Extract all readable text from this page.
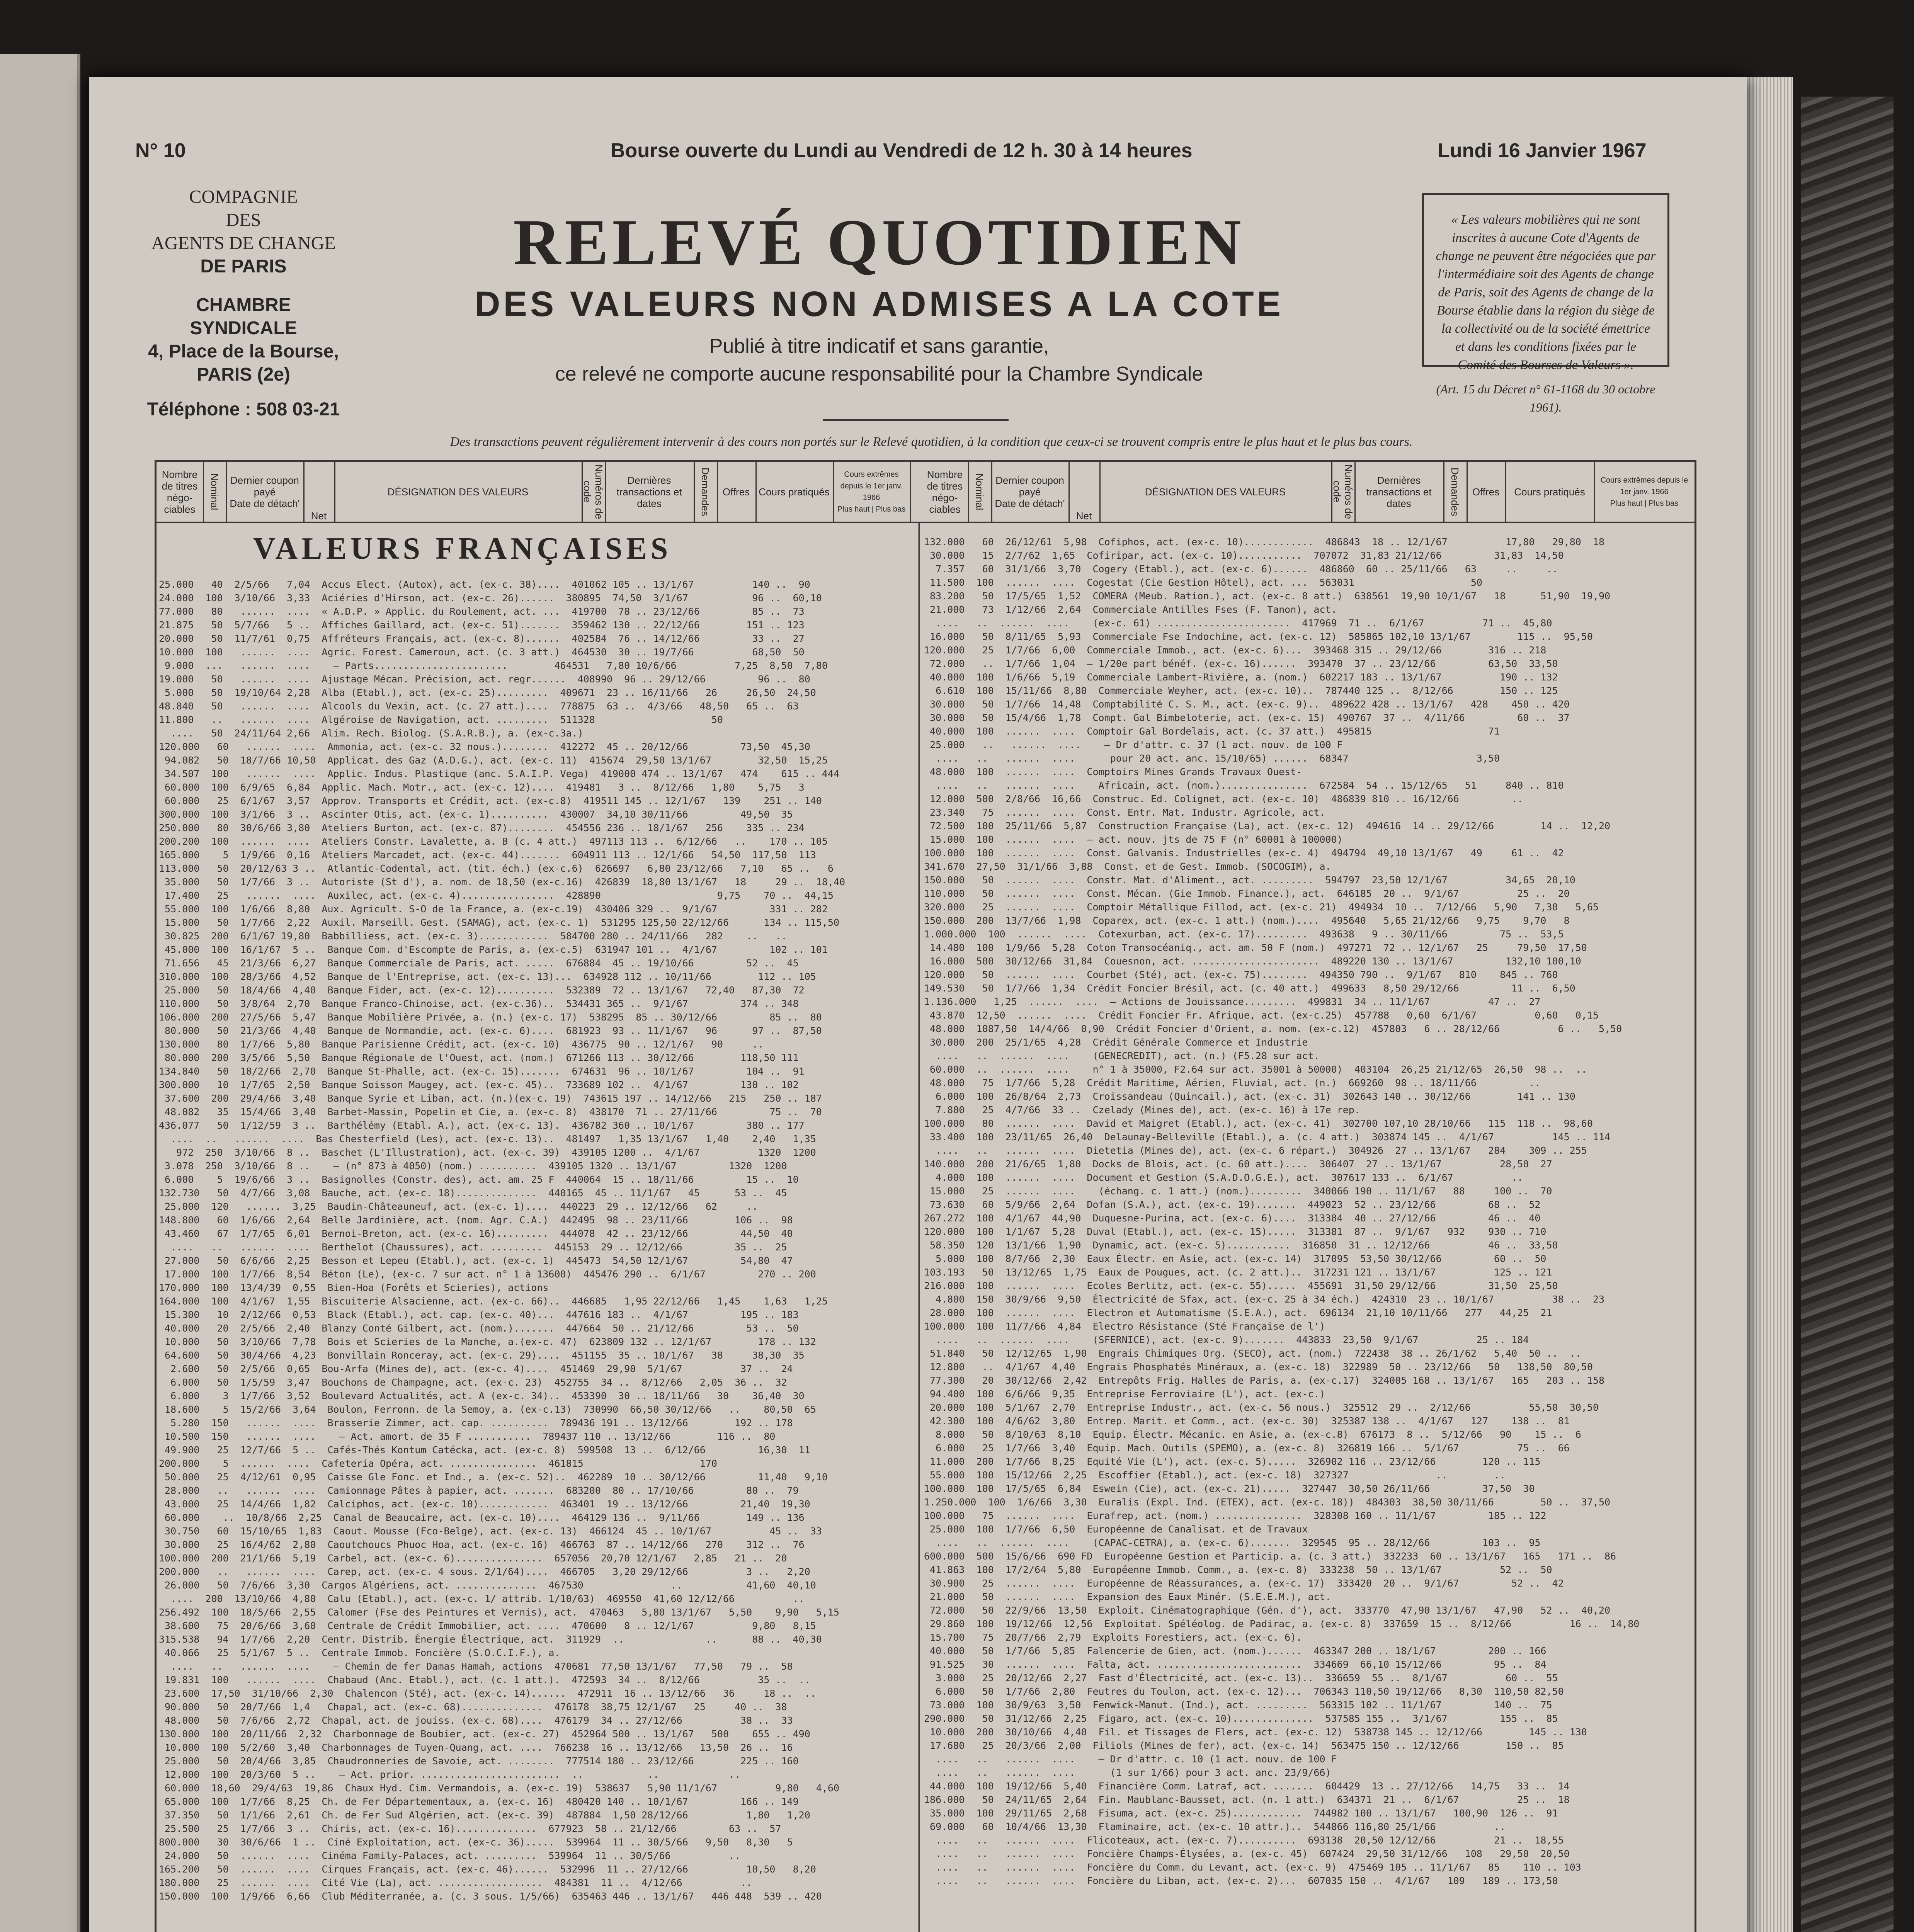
N° 10	Bourse ouverte du Lundi au Vendredi de 12 h. 30 à 14 heures	Lundi 16 Janvier 1967
COMPAGNIE
DES
AGENTS DE CHANGE
DE PARIS
CHAMBRE SYNDICALE
4, Place de la Bourse, PARIS (2e)
Téléphone : 508 03-21
RELEVÉ QUOTIDIEN
DES VALEURS NON ADMISES A LA COTE

Publié à titre indicatif et sans garantie,

ce relevé ne comporte aucune responsabilité pour la Chambre Syndicale

« Les valeurs mobilières qui ne sont inscrites à aucune Cote d'Agents de change ne peuvent être négociées que par l'intermédiaire soit des Agents de change de Paris, soit des Agents de change de la Bourse établie dans la région du siège de la collectivité ou de la société émettrice et dans les conditions fixées par le Comité des Bourses de Valeurs ».
(Art. 15 du Décret n° 61-1168 du 30 octobre 1961).
Des transactions peuvent régulièrement intervenir à des cours non portés sur le Relevé quotidien, à la condition que ceux-ci se trouvent compris entre le plus haut et le plus bas cours.
Nombre de titres négo- ciables	Nominal	Dernier coupon payé
Date de détach'
Net
DÉSIGNATION DES VALEURS	Numéros de code
Dernières transactions et dates	Demandes	Offres Cours pratiqués
Cours extrêmes depuis le 1er janv. 1966
Plus haut | Plus bas
Nombre de titres négo- ciables	Nominal	Dernier coupon payé
Date de détach'
Net
DÉSIGNATION DES VALEURS	Numéros de code
Dernières transactions et dates	Demandes	Offres	Cours pratiqués
Cours extrêmes depuis le 1er janv. 1966
Plus haut | Plus bas
VALEURS FRANÇAISES
25.000   40  2/5/66   7,04  Accus Elect. (Autox), act. (ex-c. 38)....  401062 105 .. 13/1/67          140 ..  90
24.000  100  3/10/66  3,33  Aciéries d'Hirson, act. (ex-c. 26)......  380895  74,50  3/1/67           96 ..  60,10
77.000   80   ......  ....  « A.D.P. » Applic. du Roulement, act. ...  419700  78 .. 23/12/66         85 ..  73
21.875   50  5/7/66   5 ..  Affiches Gaillard, act. (ex-c. 51).......  359462 130 .. 22/12/66        151 .. 123
20.000   50  11/7/61  0,75  Affréteurs Français, act. (ex-c. 8)......  402584  76 .. 14/12/66         33 ..  27
10.000  100   ......  ....  Agric. Forest. Cameroun, act. (c. 3 att.)  464530  30 .. 19/7/66          68,50  50
9.000  ...   ......  ....    — Parts.......................        464531   7,80 10/6/66          7,25  8,50  7,80
19.000   50   ......  ....  Ajustage Mécan. Précision, act. regr......  408990  96 .. 29/12/66         96 ..  80
5.000   50  19/10/64 2,28  Alba (Etabl.), act. (ex-c. 25).........  409671  23 .. 16/11/66   26     26,50  24,50
48.840   50   ......  ....  Alcools du Vexin, act. (c. 27 att.)....  778875  63 ..  4/3/66   48,50   65 ..  63
11.800   ..   ......  ....  Algéroise de Navigation, act. .........  511328                    50
....   50  24/11/64 2,66  Alim. Rech. Biolog. (S.A.R.B.), a. (ex-c.3a.)
120.000   60   ......  ....  Ammonia, act. (ex-c. 32 nous.)........  412272  45 .. 20/12/66         73,50  45,30
94.082   50  18/7/66 10,50  Applicat. des Gaz (A.D.G.), act. (ex-c. 11)  415674  29,50 13/1/67        32,50  15,25
34.507  100   ......  ....  Applic. Indus. Plastique (anc. S.A.I.P. Vega)  419000 474 .. 13/1/67   474    615 .. 444
60.000  100  6/9/65  6,84  Applic. Mach. Motr., act. (ex-c. 12)....  419481   3 ..  8/12/66   1,80    5,75   3
60.000   25  6/1/67  3,57  Approv. Transports et Crédit, act. (ex-c.8)  419511 145 .. 12/1/67   139    251 .. 140
300.000  100  3/1/66  3 ..  Ascinter Otis, act. (ex-c. 1)..........  430007  34,10 30/11/66         49,50  35
250.000   80  30/6/66 3,80  Ateliers Burton, act. (ex-c. 87)........  454556 236 .. 18/1/67   256    335 .. 234
200.200  100  ......  ....  Ateliers Constr. Lavalette, a. B (c. 4 att.)  497113 113 ..  6/12/66   ..    170 .. 105
165.000    5  1/9/66  0,16  Ateliers Marcadet, act. (ex-c. 44).......  604911 113 .. 12/1/66   54,50  117,50  113
113.000   50  20/12/63 3 ..  Atlantic-Codental, act. (tit. éch.) (ex-c.6)  626697   6,80 23/12/66   7,10   65 ..   6
35.000   50  1/7/66  3 ..  Autoriste (St d'), a. nom. de 18,50 (ex-c.16)  426839  18,80 13/1/67   18     29 ..  18,40
17.400   25   ......  ....  Auxilec, act. (ex-c. 4)................  428890                    9,75    70 ..  44,15
55.000  100  1/6/66  8,80  Aux. Agricult. S-O de la France, a. (ex-c.19)  430406 329 ..  9/1/67         331 .. 282
15.000   50  1/7/66  2,22  Auxil. Marseill. Gest. (SAMAG), act. (ex-c. 1)  531295 125,50 22/12/66      134 .. 115,50
30.825  200  6/1/67 19,80  Babbilliess, act. (ex-c. 3)............  584700 280 .. 24/11/66   282    ..   ..
45.000  100  16/1/67  5 ..  Banque Com. d'Escompte de Paris, a. (ex-c.5)  631947 101 ..  4/1/67         102 .. 101
71.656   45  21/3/66  6,27  Banque Commerciale de Paris, act. .....  676884  45 .. 19/10/66         52 ..  45
310.000  100  28/3/66  4,52  Banque de l'Entreprise, act. (ex-c. 13)...  634928 112 .. 10/11/66        112 .. 105
25.000   50  18/4/66  4,40  Banque Fider, act. (ex-c. 12)..........  532389  72 .. 13/1/67   72,40   87,30  72
110.000   50  3/8/64  2,70  Banque Franco-Chinoise, act. (ex-c.36)..  534431 365 ..  9/1/67         374 .. 348
106.000  200  27/5/66  5,47  Banque Mobilière Privée, a. (n.) (ex-c. 17)  538295  85 .. 30/12/66         85 ..  80
80.000   50  21/3/66  4,40  Banque de Normandie, act. (ex-c. 6)....  681923  93 .. 11/1/67   96      97 ..  87,50
130.000   80  1/7/66  5,80  Banque Parisienne Crédit, act. (ex-c. 10)  436775  90 .. 12/1/67   90     ..
80.000  200  3/5/66  5,50  Banque Régionale de l'Ouest, act. (nom.)  671266 113 .. 30/12/66        118,50 111
134.840   50  18/2/66  2,70  Banque St-Phalle, act. (ex-c. 15).......  674631  96 .. 10/1/67         104 ..  91
300.000   10  1/7/65  2,50  Banque Soisson Maugey, act. (ex-c. 45)..  733689 102 ..  4/1/67         130 .. 102
37.600  200  29/4/66  3,40  Banque Syrie et Liban, act. (n.)(ex-c. 19)  743615 197 .. 14/12/66   215   250 .. 187
48.082   35  15/4/66  3,40  Barbet-Massin, Popelin et Cie, a. (ex-c. 8)  438170  71 .. 27/11/66         75 ..  70
436.077   50  1/12/59  3 ..  Barthélémy (Etabl. A.), act. (ex-c. 13).  436782 360 .. 10/1/67         380 .. 177
....  ..   ......  ....  Bas Chesterfield (Les), act. (ex-c. 13)..  481497   1,35 13/1/67   1,40    2,40   1,35
972  250  3/10/66  8 ..  Baschet (L'Illustration), act. (ex-c. 39)  439105 1200 ..  4/1/67          1320  1200
3.078  250  3/10/66  8 ..    — (n° 873 à 4050) (nom.) ..........  439105 1320 .. 13/1/67         1320  1200
6.000    5  19/6/66  3 ..  Basignolles (Constr. des), act. am. 25 F  440064  15 .. 18/11/66         15 ..  10
132.730   50  4/7/66  3,08  Bauche, act. (ex-c. 18)..............  440165  45 .. 11/1/67   45      53 ..  45
25.000  120   ......  3,25  Baudin-Châteauneuf, act. (ex-c. 1)....  440223  29 .. 12/12/66   62     ..
148.800   60  1/6/66  2,64  Belle Jardinière, act. (nom. Agr. C.A.)  442495  98 .. 23/11/66        106 ..  98
43.460   67  1/7/65  6,01  Bernoi-Breton, act. (ex-c. 16).........  444078  42 .. 23/12/66         44,50  40
....   ..   ......  ....  Berthelot (Chaussures), act. .........  445153  29 .. 12/12/66         35 ..  25
27.000   50  6/6/66  2,25  Besson et Lepeu (Etabl.), act. (ex-c. 1)  445473  54,50 12/1/67         54,80  47
17.000  100  1/7/66  8,54  Béton (Le), (ex-c. 7 sur act. n° 1 à 13600)  445476 290 ..  6/1/67         270 .. 200
170.000  100  13/4/39  0,55  Bien-Hoa (Forêts et Scieries), actions
164.000  100  4/1/67  1,55  Biscuiterie Alsacienne, act. (ex-c. 66)..  446685   1,95 22/12/66   1,45    1,63   1,25
15.300   10  2/12/66  0,53  Black (Etabl.), act. cap. (ex-c. 40)...  447616 183 ..  4/1/67         195 .. 183
40.000   20  2/5/66  2,40  Blanzy Conté Gilbert, act. (nom.).......  447664  50 .. 21/12/66         53 ..  50
10.000   50  3/10/66  7,78  Bois et Scieries de la Manche, a.(ex-c. 47)  623809 132 .. 12/1/67        178 .. 132
64.600   50  30/4/66  4,23  Bonvillain Ronceray, act. (ex-c. 29)....  451155  35 .. 10/1/67   38     38,30  35
2.600   50  2/5/66  0,65  Bou-Arfa (Mines de), act. (ex-c. 4)....  451469  29,90  5/1/67          37 ..  24
6.000   50  1/5/59  3,47  Bouchons de Champagne, act. (ex-c. 23)  452755  34 ..  8/12/66   2,05  36 ..  32
6.000    3  1/7/66  3,52  Boulevard Actualités, act. A (ex-c. 34)..  453390  30 .. 18/11/66   30    36,40  30
18.600    5  15/2/66  3,64  Boulon, Ferronn. de la Semoy, a. (ex-c.13)  730990  66,50 30/12/66   ..    80,50  65
5.280  150   ......  ....  Brasserie Zimmer, act. cap. ..........  789436 191 .. 13/12/66        192 .. 178
10.500  150   ......  ....    — Act. amort. de 35 F ...........  789437 110 .. 13/12/66        116 ..  80
49.900   25  12/7/66  5 ..  Cafés-Thés Kontum Catécka, act. (ex-c. 8)  599508  13 ..  6/12/66         16,30  11
200.000    5  ......  ....  Cafeteria Opéra, act. ...............  461815                    170
50.000   25  4/12/61  0,95  Caisse Gle Fonc. et Ind., a. (ex-c. 52)..  462289  10 .. 30/12/66         11,40   9,10
28.000   ..   ......  ....  Camionnage Pâtes à papier, act. .......  683200  80 .. 17/10/66         80 ..  79
43.000   25  14/4/66  1,82  Calciphos, act. (ex-c. 10)............  463401  19 .. 13/12/66         21,40  19,30
60.000    ..  10/8/66  2,25  Canal de Beaucaire, act. (ex-c. 10)....  464129 136 ..  9/11/66        149 .. 136
30.750   60  15/10/65  1,83  Caout. Mousse (Fco-Belge), act. (ex-c. 13)  466124  45 .. 10/1/67          45 ..  33
30.000   25  16/4/62  2,80  Caoutchoucs Phuoc Hoa, act. (ex-c. 16)  466763  87 .. 14/12/66   270    312 ..  76
100.000  200  21/1/66  5,19  Carbel, act. (ex-c. 6)...............  657056  20,70 12/1/67   2,85   21 ..  20
200.000   ..   ......  ....  Carep, act. (ex-c. 4 sous. 2/1/64)....  466705   3,20 29/12/66          3 ..   2,20
26.000   50  7/6/66  3,30  Cargos Algériens, act. ..............  467530               ..           41,60  40,10
....  200  13/10/66  4,80  Calu (Etabl.), act. (ex-c. 1/ attrib. 1/10/63)  469550  41,60 12/12/66          ..
256.492  100  18/5/66  2,55  Calomer (Fse des Peintures et Vernis), act.  470463   5,80 13/1/67   5,50    9,90   5,15
38.600   75  20/6/66  3,60  Centrale de Crédit Immobilier, act. ....  470600   8 .. 12/1/67          9,80   8,15
315.538   94  1/7/66  2,20  Centr. Distrib. Énergie Électrique, act.  311929  ..              ..      88 ..  40,30
40.066   25  5/1/67  5 ..  Centrale Immob. Foncière (S.O.C.I.F.), a.
....   ..   ......  ....    — Chemin de fer Damas Hamah, actions  470681  77,50 13/1/67   77,50   79 ..  58
19.831  100   ......  ....  Chabaud (Anc. Etabl.), act. (c. 1 att.).  472593  34 ..  8/12/66          35 ..  ..
23.600  17,50  31/10/66  2,30  Chalencon (Sté), act. (ex-c. 14)......  472911  16 .. 13/12/66   36     18 ..  ..
90.000   50  20/7/66  1,4   Chapal, act. (ex-c. 68)..............  476178  38,75 12/1/67   25     40 ..  38
48.000   50  7/6/66  2,72  Chapal, act. de jouiss. (ex-c. 68)....  476179  34 .. 27/12/66          38 ..  33
130.000  100  20/11/66  2,32  Charbonnage de Boubier, act. (ex-c. 27)  452964 500 .. 13/1/67   500    655 .. 490
10.000  100  5/2/60  3,40  Charbonnages de Tuyen-Quang, act. ....  766238  16 .. 13/12/66   13,50  26 ..  16
25.000   50  20/4/66  3,85  Chaudronneries de Savoie, act. ........  777514 180 .. 23/12/66        225 .. 160
12.000  100  20/3/60  5 ..    — Act. prior. ........................  ..           ..            ..
60.000  18,60  29/4/63  19,86  Chaux Hyd. Cim. Vermandois, a. (ex-c. 19)  538637   5,90 11/1/67          9,80   4,60
65.000  100  1/7/66  8,25  Ch. de Fer Départementaux, a. (ex-c. 16)  480420 140 .. 10/1/67         166 .. 149
37.350   50  1/1/66  2,61  Ch. de Fer Sud Algérien, act. (ex-c. 39)  487884  1,50 28/12/66          1,80   1,20
25.500   25  1/7/66  3 ..  Chiris, act. (ex-c. 16)..............  677923  58 .. 21/12/66         63 ..  57
800.000   30  30/6/66  1 ..  Ciné Exploitation, act. (ex-c. 36).....  539964  11 .. 30/5/66   9,50   8,30   5
24.000   50  ......  ....  Cinéma Family-Palaces, act. .........  539964  11 .. 30/5/66          ..
165.200   50  ......  ....  Cirques Français, act. (ex-c. 46)......  532996  11 .. 27/12/66          10,50   8,20
180.000   25  ......  ....  Cité Vie (La), act. ..................  484381  11 ..  4/12/66          ..
150.000  100  1/9/66  6,66  Club Méditerranée, a. (c. 3 sous. 1/5/66)  635463 446 .. 13/1/67   446 448  539 .. 420
132.000   60  26/12/61  5,98  Cofiphos, act. (ex-c. 10)............  486843  18 .. 12/1/67          17,80   29,80  18
30.000   15  2/7/62  1,65  Cofiripar, act. (ex-c. 10)...........  707072  31,83 21/12/66         31,83  14,50
7.357   60  31/1/66  3,70  Cogery (Etabl.), act. (ex-c. 6)......  486860  60 .. 25/11/66   63     ..     ..
11.500  100  ......  ....  Cogestat (Cie Gestion Hôtel), act. ...  563031                    50
83.200   50  17/5/65  1,52  COMERA (Meub. Ration.), act. (ex-c. 8 att.)  638561  19,90 10/1/67   18      51,90  19,90
21.000   73  1/12/66  2,64  Commerciale Antilles Fses (F. Tanon), act.
....   ..  ......  ....    (ex-c. 61) .......................  417969  71 ..  6/1/67          71 ..  45,80
16.000   50  8/11/65  5,93  Commerciale Fse Indochine, act. (ex-c. 12)  585865 102,10 13/1/67        115 ..  95,50
120.000   25  1/7/66  6,00  Commerciale Immob., act. (ex-c. 6)...  393468 315 .. 29/12/66        316 .. 218
72.000   ..  1/7/66  1,04  — 1/20e part bénéf. (ex-c. 16)......  393470  37 .. 23/12/66         63,50  33,50
40.000  100  1/6/66  5,19  Commerciale Lambert-Rivière, a. (nom.)  602217 183 .. 13/1/67          190 .. 132
6.610  100  15/11/66  8,80  Commerciale Weyher, act. (ex-c. 10)..  787440 125 ..  8/12/66        150 .. 125
30.000   50  1/7/66  14,48  Comptabilité C. S. M., act. (ex-c. 9)..  489622 428 .. 13/1/67   428    450 .. 420
30.000   50  15/4/66  1,78  Compt. Gal Bimbeloterie, act. (ex-c. 15)  490767  37 ..  4/11/66         60 ..  37
40.000  100  ......  ....  Comptoir Gal Bordelais, act. (c. 37 att.)  495815                    71
25.000   ..   ......  ....    — Dr d'attr. c. 37 (1 act. nouv. de 100 F
....   ..   ......  ....      pour 20 act. anc. 15/10/65) ......  68347                      3,50
48.000  100  ......  ....  Comptoirs Mines Grands Travaux Ouest-
....   ..   ......  ....    Africain, act. (nom.)...............  672584  54 .. 15/12/65   51     840 .. 810
12.000  500  2/8/66  16,66  Construc. Ed. Colignet, act. (ex-c. 10)  486839 810 .. 16/12/66         ..
23.340   75  ......  ....  Const. Entr. Mat. Industr. Agricole, act.
72.500  100  25/11/66  5,87  Construction Française (La), act. (ex-c. 12)  494616  14 .. 29/12/66        14 ..  12,20
15.000  100  ......  ....  — act. nouv. jts de 75 F (n° 60001 à 100000)
100.000  100  ......  ....  Const. Galvanis. Industrielles (ex-c. 4)  494794  49,10 13/1/67   49     61 ..  42
341.670  27,50  31/1/66  3,88  Const. et de Gest. Immob. (SOCOGIM), a.
150.000   50  ......  ....  Constr. Mat. d'Aliment., act. .........  594797  23,50 12/1/67          34,65  20,10
110.000   50  ......  ....  Const. Mécan. (Gie Immob. Finance.), act.  646185  20 ..  9/1/67          25 ..  20
320.000   25  ......  ....  Comptoir Métallique Fillod, act. (ex-c. 21)  494934  10 ..  7/12/66   5,90   7,30   5,65
150.000  200  13/7/66  1,98  Coparex, act. (ex-c. 1 att.) (nom.)....  495640   5,65 21/12/66   9,75    9,70   8
1.000.000  100  ......  ....  Cotexurban, act. (ex-c. 17).........  493638   9 .. 30/11/66         75 ..  53,5
14.480  100  1/9/66  5,28  Coton Transocéaniq., act. am. 50 F (nom.)  497271  72 .. 12/1/67   25     79,50  17,50
16.000  500  30/12/66  31,84  Couesnon, act. ......................  489220 130 .. 13/1/67         132,10 100,10
120.000   50  ......  ....  Courbet (Sté), act. (ex-c. 75)........  494350 790 ..  9/1/67   810    845 .. 760
149.530   50  1/7/66  1,34  Crédit Foncier Brésil, act. (c. 40 att.)  499633   8,50 29/12/66         11 ..  6,50
1.136.000   1,25  ......  ....  — Actions de Jouissance.........  499831  34 .. 11/1/67          47 ..  27
43.870  12,50  ......  ....  Crédit Foncier Fr. Afrique, act. (ex-c.25)  457788   0,60  6/1/67          0,60   0,15
48.000  1087,50  14/4/66  0,90  Crédit Foncier d'Orient, a. nom. (ex-c.12)  457803   6 .. 28/12/66          6 ..   5,50
30.000  200  25/1/65  4,28  Crédit Générale Commerce et Industrie
....   ..  ......  ....    (GENECREDIT), act. (n.) (F5.28 sur act.
60.000  ..  ......  ....    n° 1 à 35000, F2.64 sur act. 35001 à 50000)  403104  26,25 21/12/65  26,50  98 ..  ..
48.000   75  1/7/66  5,28  Crédit Maritime, Aérien, Fluvial, act. (n.)  669260  98 .. 18/11/66         ..
6.000  100  26/8/64  2,73  Croissandeau (Quincail.), act. (ex-c. 31)  302643 140 .. 30/12/66        141 .. 130
7.800   25  4/7/66  33 ..  Czelady (Mines de), act. (ex-c. 16) à 17e rep.
100.000   80  ......  ....  David et Maigret (Etabl.), act. (ex-c. 41)  302700 107,10 28/10/66   115  118 ..  98,60
33.400  100  23/11/65  26,40  Delaunay-Belleville (Etabl.), a. (c. 4 att.)  303874 145 ..  4/1/67          145 .. 114
....   ..   ......  ....  Dietetia (Mines de), act. (ex-c. 6 répart.)  304926  27 .. 13/1/67   284    309 .. 255
140.000  200  21/6/65  1,80  Docks de Blois, act. (c. 60 att.)....  306407  27 .. 13/1/67          28,50  27
4.000  100  ......  ....  Document et Gestion (S.A.D.O.G.E.), act.  307617 133 ..  6/1/67          ..
15.000   25  ......  ....    (échang. c. 1 att.) (nom.).........  340066 190 .. 11/1/67   88     100 ..  70
73.630   60  5/9/66  2,64  Dofan (S.A.), act. (ex-c. 19).......  449023  52 .. 23/12/66         68 ..  52
267.272  100  4/1/67  44,90  Duquesne-Purina, act. (ex-c. 6)....  313384  40 .. 27/12/66         46 ..  40
120.000  100  1/1/67  5,28  Duval (Etabl.), act. (ex-c. 15).....  313381  87 ..  9/1/67   932    930 .. 710
58.350  120  13/1/66  1,90  Dynamic, act. (ex-c. 5)...........  316850  31 .. 12/12/66          46 ..  33,50
5.000  100  8/7/66  2,30  Eaux Électr. en Asie, act. (ex-c. 14)  317095  53,50 30/12/66         60 ..  50
103.193   50  13/12/65  1,75  Eaux de Pougues, act. (c. 2 att.)..  317231 121 .. 13/1/67          125 .. 121
216.000  100  ......  ....  Ecoles Berlitz, act. (ex-c. 55).....  455691  31,50 29/12/66         31,50  25,50
4.800  150  30/9/66  9,50  Électricité de Sfax, act. (ex-c. 25 à 34 éch.)  424310  23 .. 10/1/67          38 ..  23
28.000  100  ......  ....  Electron et Automatisme (S.E.A.), act.  696134  21,10 10/11/66   277   44,25  21
100.000  100  11/7/66  4,84  Electro Résistance (Sté Française de l')
....   ..  ......  ....    (SFERNICE), act. (ex-c. 9).......  443833  23,50  9/1/67          25 .. 184
51.840   50  12/12/65  1,90  Engrais Chimiques Org. (SECO), act. (nom.)  722438  38 .. 26/1/62   5,40  50 ..  ..
12.800   ..  4/1/67  4,40  Engrais Phosphatés Minéraux, a. (ex-c. 18)  322989  50 .. 23/12/66   50   138,50  80,50
77.300   20  30/12/66  2,42  Entrepôts Frig. Halles de Paris, a. (ex-c.17)  324005 168 .. 13/1/67   165   203 .. 158
94.400  100  6/6/66  9,35  Entreprise Ferroviaire (L'), act. (ex-c.)
20.000  100  5/1/67  2,70  Entreprise Industr., act. (ex-c. 56 nous.)  325512  29 ..  2/12/66          55,50  30,50
42.300  100  4/6/62  3,80  Entrep. Marit. et Comm., act. (ex-c. 30)  325387 138 ..  4/1/67   127    138 ..  81
8.000   50  8/10/63  8,10  Equip. Électr. Mécanic. en Asie, a. (ex-c.8)  676173  8 ..  5/12/66   90    15 ..  6
6.000   25  1/7/66  3,40  Equip. Mach. Outils (SPEMO), a. (ex-c. 8)  326819 166 ..  5/1/67          75 ..  66
11.000  200  1/7/66  8,25  Equité Vie (L'), act. (ex-c. 5).....  326902 116 .. 23/12/66        120 .. 115
55.000  100  15/12/66  2,25  Escoffier (Etabl.), act. (ex-c. 18)  327327               ..        ..
100.000  100  17/5/65  6,84  Eswein (Cie), act. (ex-c. 21).....  327447  30,50 26/11/66         37,50  30
1.250.000  100  1/6/66  3,30  Euralis (Expl. Ind. (ETEX), act. (ex-c. 18))  484303  38,50 30/11/66        50 ..  37,50
100.000   75  ......  ....  Eurafrep, act. (nom.) ...............  328308 160 .. 11/1/67         185 .. 122
25.000  100  1/7/66  6,50  Européenne de Canalisat. et de Travaux
....   ..  ......  ....    (CAPAC-CETRA), a. (ex-c. 6).......  329545  95 .. 28/12/66         103 ..  95
600.000  500  15/6/66  690 FD  Européenne Gestion et Particip. a. (c. 3 att.)  332233  60 .. 13/1/67   165   171 ..  86
41.863  100  17/2/64  5,80  Européenne Immob. Comm., a. (ex-c. 8)  333238  50 .. 13/1/67          52 ..  50
30.900   25  ......  ....  Européenne de Réassurances, a. (ex-c. 17)  333420  20 ..  9/1/67         52 ..  42
21.000   50  ......  ....  Expansion des Eaux Minér. (S.E.E.M.), act.
72.000   50  22/9/66  13,50  Exploit. Cinématographique (Gén. d'), act.  333770  47,90 13/1/67   47,90   52 ..  40,20
29.860  100  19/12/66  12,56  Exploitat. Spéléolog. de Padirac, a. (ex-c. 8)  337659  15 ..  8/12/66          16 ..  14,80
15.700   75  20/7/66  2,79  Exploits Forestiers, act. (ex-c. 6).
40.000   50  1/7/66  5,85  Falencerie de Gien, act. (nom.)......  463347 200 .. 18/1/67         200 .. 166
91.525   30  ......  ....  Falta, act. .........................  334669  66,10 15/12/66         95 ..  84
3.000   25  20/12/66  2,27  Fast d'Électricité, act. (ex-c. 13)..  336659  55 ..  8/1/67          60 ..  55
6.000   50  1/7/66  2,80  Feutres du Toulon, act. (ex-c. 12)...  706343 110,50 19/12/66   8,30  110,50 82,50
73.000  100  30/9/63  3,50  Fenwick-Manut. (Ind.), act. .........  563315 102 .. 11/1/67         140 ..  75
290.000   50  31/12/66  2,25  Figaro, act. (ex-c. 10)..............  537585 155 ..  3/1/67         155 ..  85
10.000  200  30/10/66  4,40  Fil. et Tissages de Flers, act. (ex-c. 12)  538738 145 .. 12/12/66        145 .. 130
17.680   25  20/3/66  2,00  Filiols (Mines de fer), act. (ex-c. 14)  563475 150 .. 12/12/66        150 ..  85
....   ..   ......  ....    — Dr d'attr. c. 10 (1 act. nouv. de 100 F
....   ..   ......  ....      (1 sur 1/66) pour 3 act. anc. 23/9/66)
44.000  100  19/12/66  5,40  Financière Comm. Latraf, act. .......  604429  13 .. 27/12/66   14,75   33 ..  14
186.000   50  24/11/65  2,64  Fin. Maublanc-Bausset, act. (n. 1 att.)  634371  21 ..  6/1/67          25 ..  18
35.000  100  29/11/65  2,68  Fisuma, act. (ex-c. 25)............  744982 100 .. 13/1/67   100,90  126 ..  91
69.000   60  10/4/66  13,30  Flaminaire, act. (ex-c. 10 attr.)..  544866 116,80 25/1/66          ..
....   ..   ......  ....  Flicoteaux, act. (ex-c. 7)..........  693138  20,50 12/12/66          21 ..  18,55
....   ..   ......  ....  Foncière Champs-Élysées, a. (ex-c. 45)  607424  29,50 31/12/66   108   29,50  20,50
....   ..   ......  ....  Foncière du Comm. du Levant, act. (ex-c. 9)  475469 105 .. 11/1/67   85    110 .. 103
....   ..   ......  ....  Foncière du Liban, act. (ex-c. 2)...  607035 150 ..  4/1/67   109   189 .. 173,50
